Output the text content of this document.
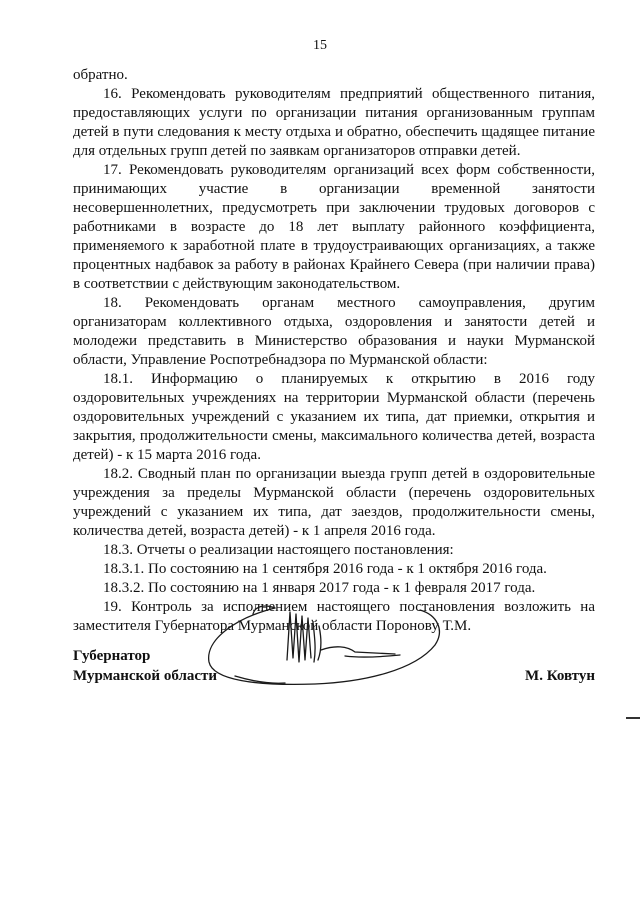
15

обратно.

16. Рекомендовать руководителям предприятий общественного питания, предоставляющих услуги по организации питания организованным группам детей в пути следования к месту отдыха и обратно, обеспечить щадящее питание для отдельных групп детей по заявкам организаторов отправки детей.

17. Рекомендовать руководителям организаций всех форм собственности, принимающих участие в организации временной занятости несовершеннолетних, предусмотреть при заключении трудовых договоров с работниками в возрасте до 18 лет выплату районного коэффициента, применяемого к заработной плате в трудоустраивающих организациях, а также процентных надбавок за работу в районах Крайнего Севера (при наличии права) в соответствии с действующим законодательством.

18. Рекомендовать органам местного самоуправления, другим организаторам коллективного отдыха, оздоровления и занятости детей и молодежи представить в Министерство образования и науки Мурманской области, Управление Роспотребнадзора по Мурманской области:

18.1. Информацию о планируемых к открытию в 2016 году оздоровительных учреждениях на территории Мурманской области (перечень оздоровительных учреждений с указанием их типа, дат приемки, открытия и закрытия, продолжительности смены, максимального количества детей, возраста детей) - к 15 марта 2016 года.

18.2. Сводный план по организации выезда групп детей в оздоровительные учреждения за пределы Мурманской области (перечень оздоровительных учреждений с указанием их типа, дат заездов, продолжительности смены, количества детей, возраста детей) - к 1 апреля 2016 года.

18.3. Отчеты о реализации настоящего постановления:

18.3.1. По состоянию на 1 сентября 2016 года - к 1 октября 2016 года.

18.3.2. По состоянию на 1 января 2017 года - к 1 февраля 2017 года.

19. Контроль за исполнением настоящего постановления возложить на заместителя Губернатора Мурманской области Поронову Т.М.

Губернатор
Мурманской области	М. Ковтун
